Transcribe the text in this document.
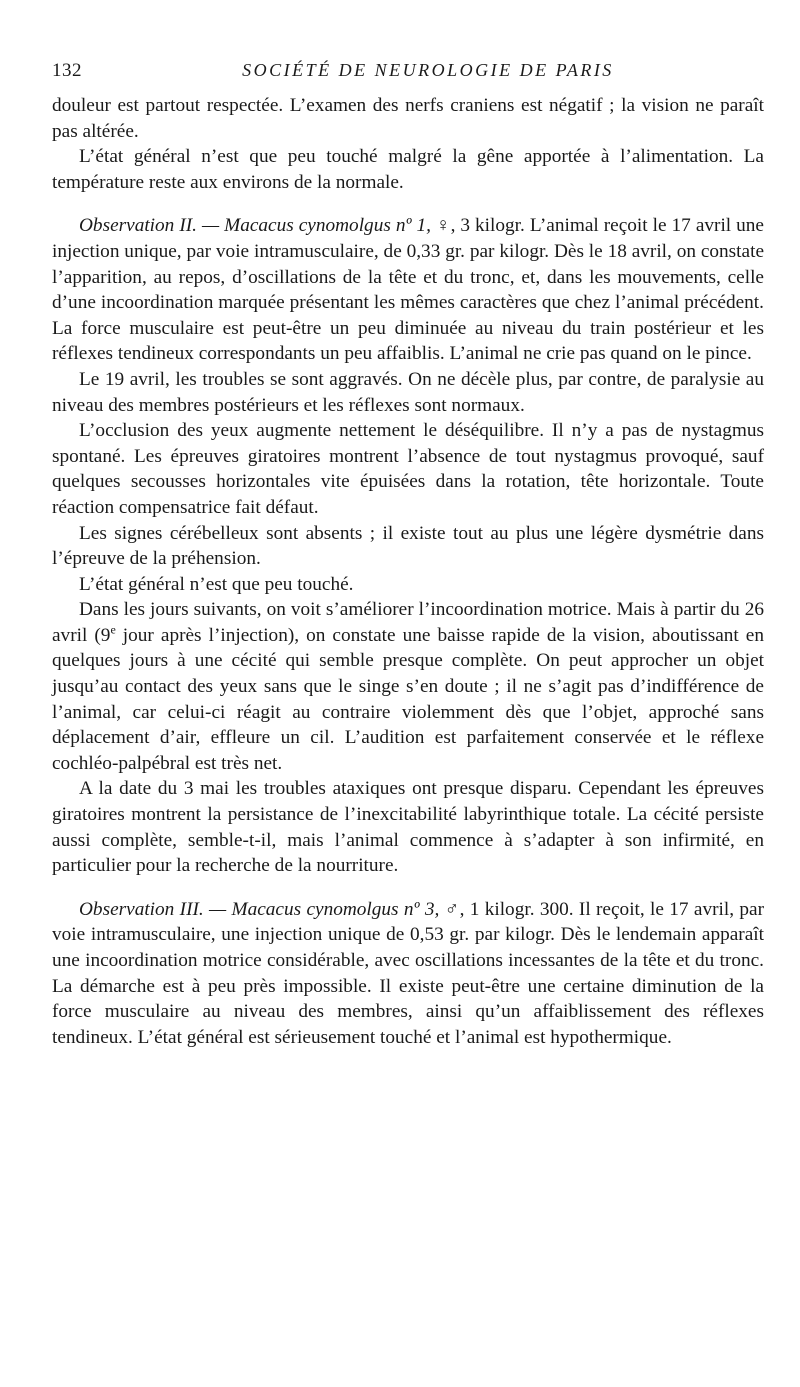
132	SOCIÉTÉ DE NEUROLOGIE DE PARIS

douleur est partout respectée. L’examen des nerfs craniens est négatif ; la vision ne paraît pas altérée.

L’état général n’est que peu touché malgré la gêne apportée à l’alimentation. La température reste aux environs de la normale.

Observation II. — Macacus cynomolgus nº 1, ♀, 3 kilogr. L’animal reçoit le 17 avril une injection unique, par voie intramusculaire, de 0,33 gr. par kilogr. Dès le 18 avril, on constate l’apparition, au repos, d’oscillations de la tête et du tronc, et, dans les mouvements, celle d’une incoordination marquée présentant les mêmes caractères que chez l’animal précédent. La force musculaire est peut-être un peu diminuée au niveau du train postérieur et les réflexes tendineux correspondants un peu affaiblis. L’animal ne crie pas quand on le pince.

Le 19 avril, les troubles se sont aggravés. On ne décèle plus, par contre, de paralysie au niveau des membres postérieurs et les réflexes sont normaux.

L’occlusion des yeux augmente nettement le déséquilibre. Il n’y a pas de nystagmus spontané. Les épreuves giratoires montrent l’absence de tout nystagmus provoqué, sauf quelques secousses horizontales vite épuisées dans la rotation, tête horizontale. Toute réaction compensatrice fait défaut.

Les signes cérébelleux sont absents ; il existe tout au plus une légère dysmétrie dans l’épreuve de la préhension.

L’état général n’est que peu touché.

Dans les jours suivants, on voit s’améliorer l’incoordination motrice. Mais à partir du 26 avril (9e jour après l’injection), on constate une baisse rapide de la vision, aboutissant en quelques jours à une cécité qui semble presque complète. On peut approcher un objet jusqu’au contact des yeux sans que le singe s’en doute ; il ne s’agit pas d’indifférence de l’animal, car celui-ci réagit au contraire violemment dès que l’objet, approché sans déplacement d’air, effleure un cil. L’audition est parfaitement conservée et le réflexe cochléo-palpébral est très net.

A la date du 3 mai les troubles ataxiques ont presque disparu. Cependant les épreuves giratoires montrent la persistance de l’inexcitabilité labyrinthique totale. La cécité persiste aussi complète, semble-t-il, mais l’animal commence à s’adapter à son infirmité, en particulier pour la recherche de la nourriture.

Observation III. — Macacus cynomolgus nº 3, ♂, 1 kilogr. 300. Il reçoit, le 17 avril, par voie intramusculaire, une injection unique de 0,53 gr. par kilogr. Dès le lendemain apparaît une incoordination motrice considérable, avec oscillations incessantes de la tête et du tronc. La démarche est à peu près impossible. Il existe peut-être une certaine diminution de la force musculaire au niveau des membres, ainsi qu’un affaiblissement des réflexes tendineux. L’état général est sérieusement touché et l’animal est hypothermique.
